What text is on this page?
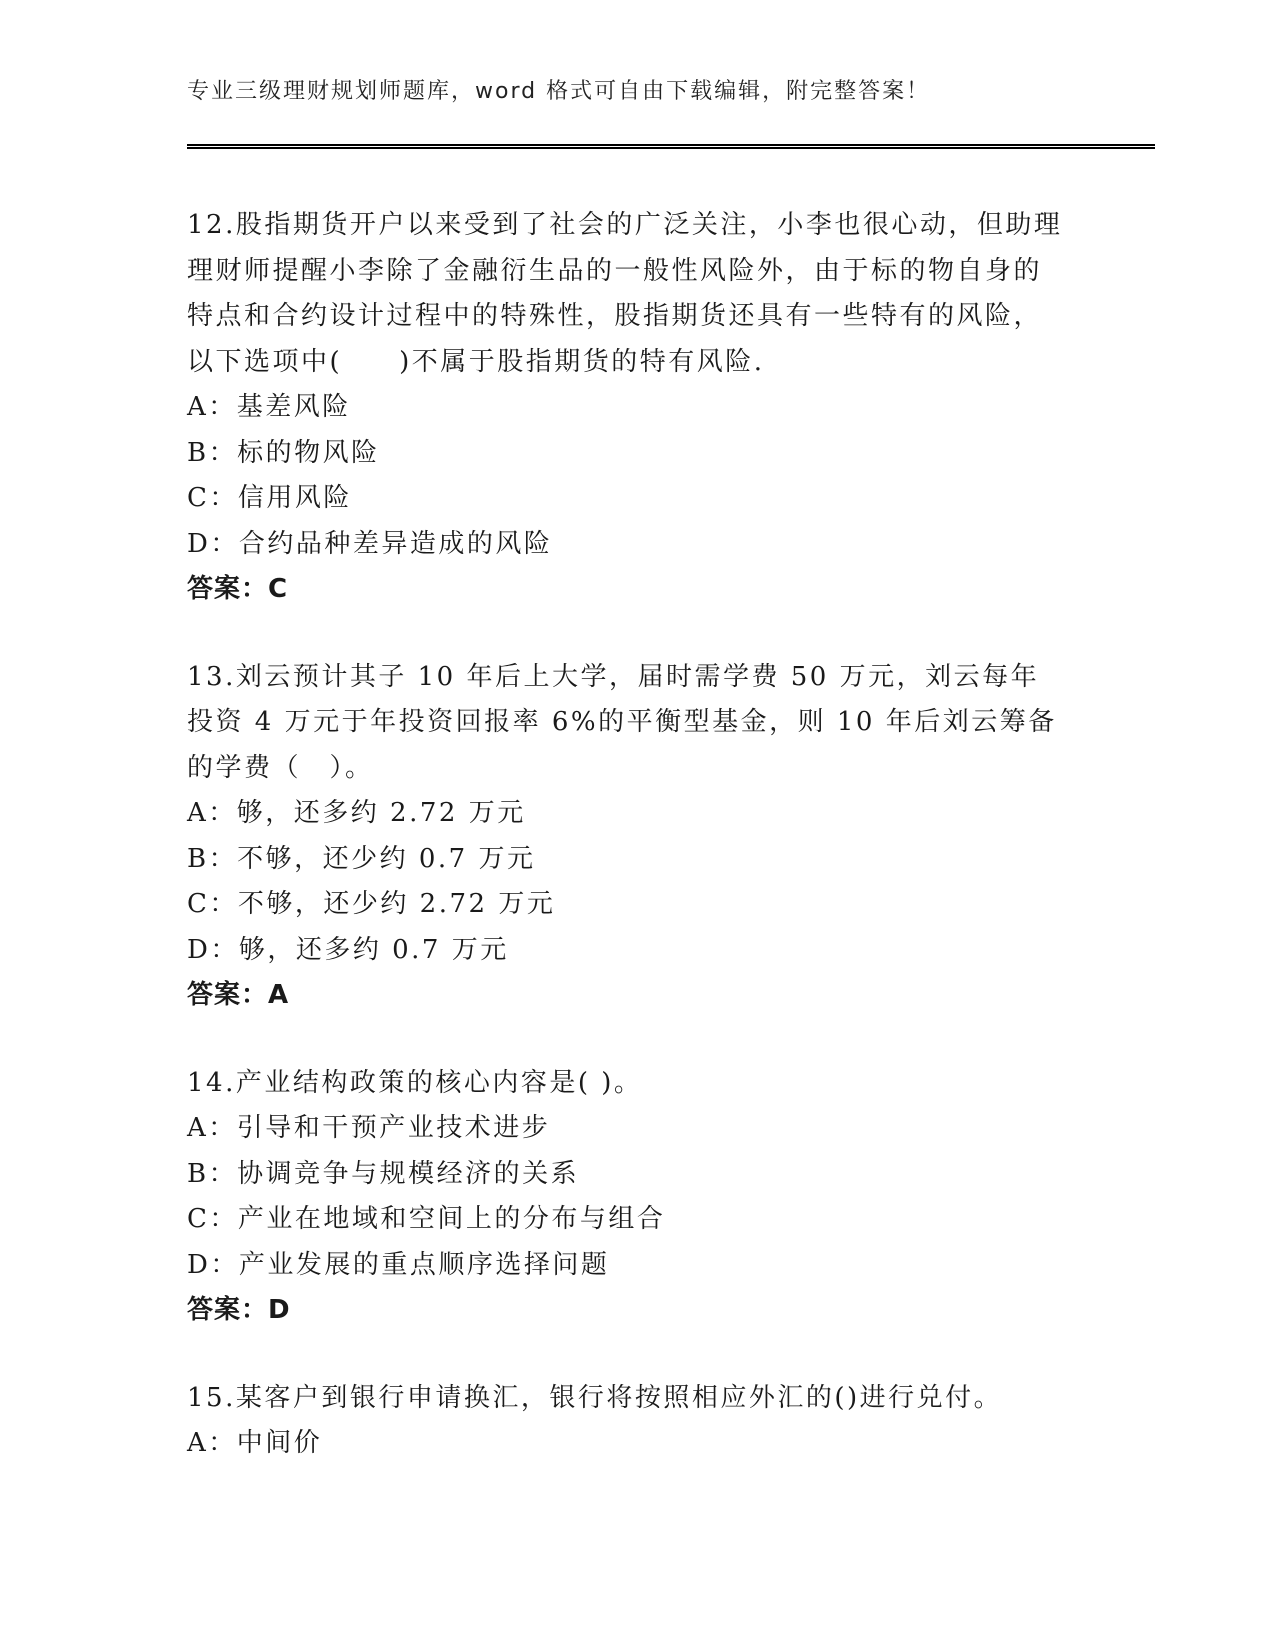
专业三级理财规划师题库，word 格式可自由下载编辑，附完整答案！

12.股指期货开户以来受到了社会的广泛关注，小李也很心动，但助理理财师提醒小李除了金融衍生品的一般性风险外，由于标的物自身的特点和合约设计过程中的特殊性，股指期货还具有一些特有的风险，以下选项中(　　)不属于股指期货的特有风险.

A：基差风险

B：标的物风险

C：信用风险

D：合约品种差异造成的风险

答案：C

13.刘云预计其子 10 年后上大学，届时需学费 50 万元，刘云每年投资 4 万元于年投资回报率 6%的平衡型基金，则 10 年后刘云筹备的学费（　）。

A：够，还多约 2.72 万元

B：不够，还少约 0.7 万元

C：不够，还少约 2.72 万元

D：够，还多约 0.7 万元

答案：A

14.产业结构政策的核心内容是( )。

A：引导和干预产业技术进步

B：协调竞争与规模经济的关系

C：产业在地域和空间上的分布与组合

D：产业发展的重点顺序选择问题

答案：D

15.某客户到银行申请换汇，银行将按照相应外汇的()进行兑付。

A：中间价
